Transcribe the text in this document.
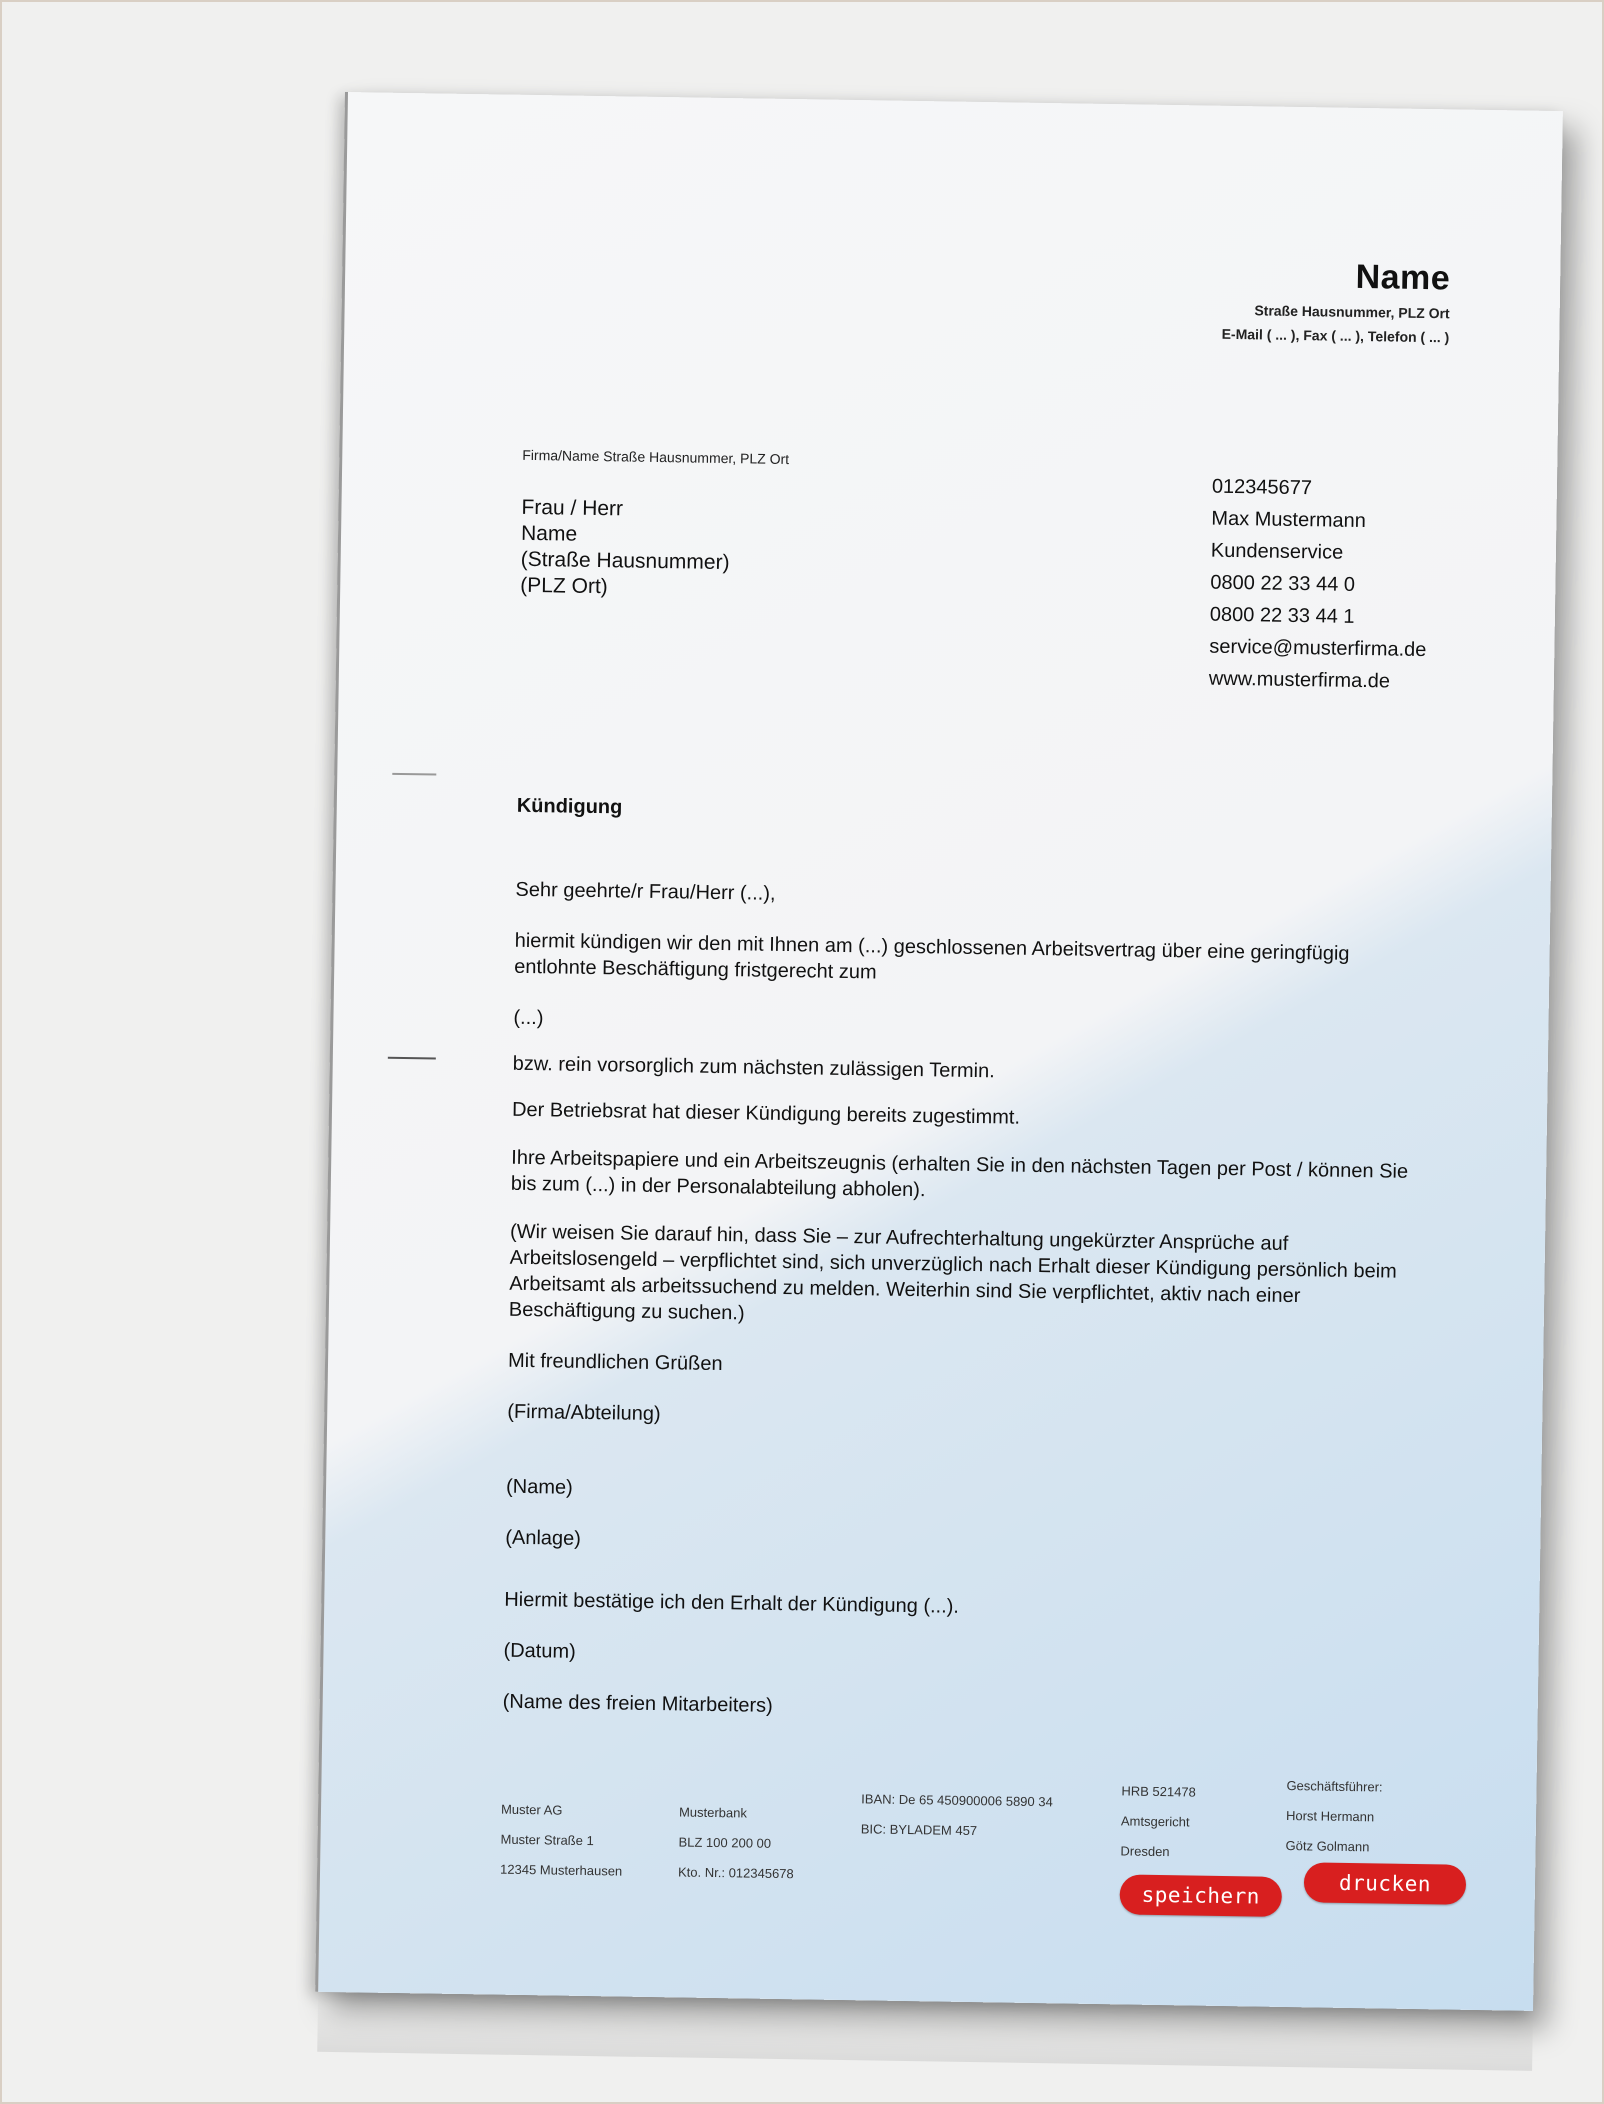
Name
Straße Hausnummer, PLZ Ort
E-Mail ( ... ), Fax ( ... ), Telefon ( ... )
Firma/Name Straße Hausnummer, PLZ Ort
Frau / Herr
Name
(Straße Hausnummer)
(PLZ Ort)
012345677
Max Mustermann
Kundenservice
0800 22 33 44 0
0800 22 33 44 1
service@musterfirma.de
www.musterfirma.de
Kündigung

Sehr geehrte/r Frau/Herr (...),

hiermit kündigen wir den mit Ihnen am (...) geschlossenen Arbeitsvertrag über eine geringfügig entlohnte Beschäftigung fristgerecht zum

(...)

bzw. rein vorsorglich zum nächsten zulässigen Termin.

Der Betriebsrat hat dieser Kündigung bereits zugestimmt.

Ihre Arbeitspapiere und ein Arbeitszeugnis (erhalten Sie in den nächsten Tagen per Post / können Sie bis zum (...) in der Personalabteilung abholen).

(Wir weisen Sie darauf hin, dass Sie – zur Aufrechterhaltung ungekürzter Ansprüche auf Arbeitslosengeld – verpflichtet sind, sich unverzüglich nach Erhalt dieser Kündigung persönlich beim Arbeitsamt als arbeitssuchend zu melden. Weiterhin sind Sie verpflichtet, aktiv nach einer Beschäftigung zu suchen.)

Mit freundlichen Grüßen

(Firma/Abteilung)

(Name)

(Anlage)

Hiermit bestätige ich den Erhalt der Kündigung (...).

(Datum)

(Name des freien Mitarbeiters)

Muster AG
Muster Straße 1
12345 Musterhausen
Musterbank
BLZ 100 200 00
Kto. Nr.: 012345678
IBAN: De 65 450900006 5890 34
BIC: BYLADEM 457
HRB 521478
Amtsgericht
Dresden
Geschäftsführer:
Horst Hermann
Götz Golmann
speichern	drucken
